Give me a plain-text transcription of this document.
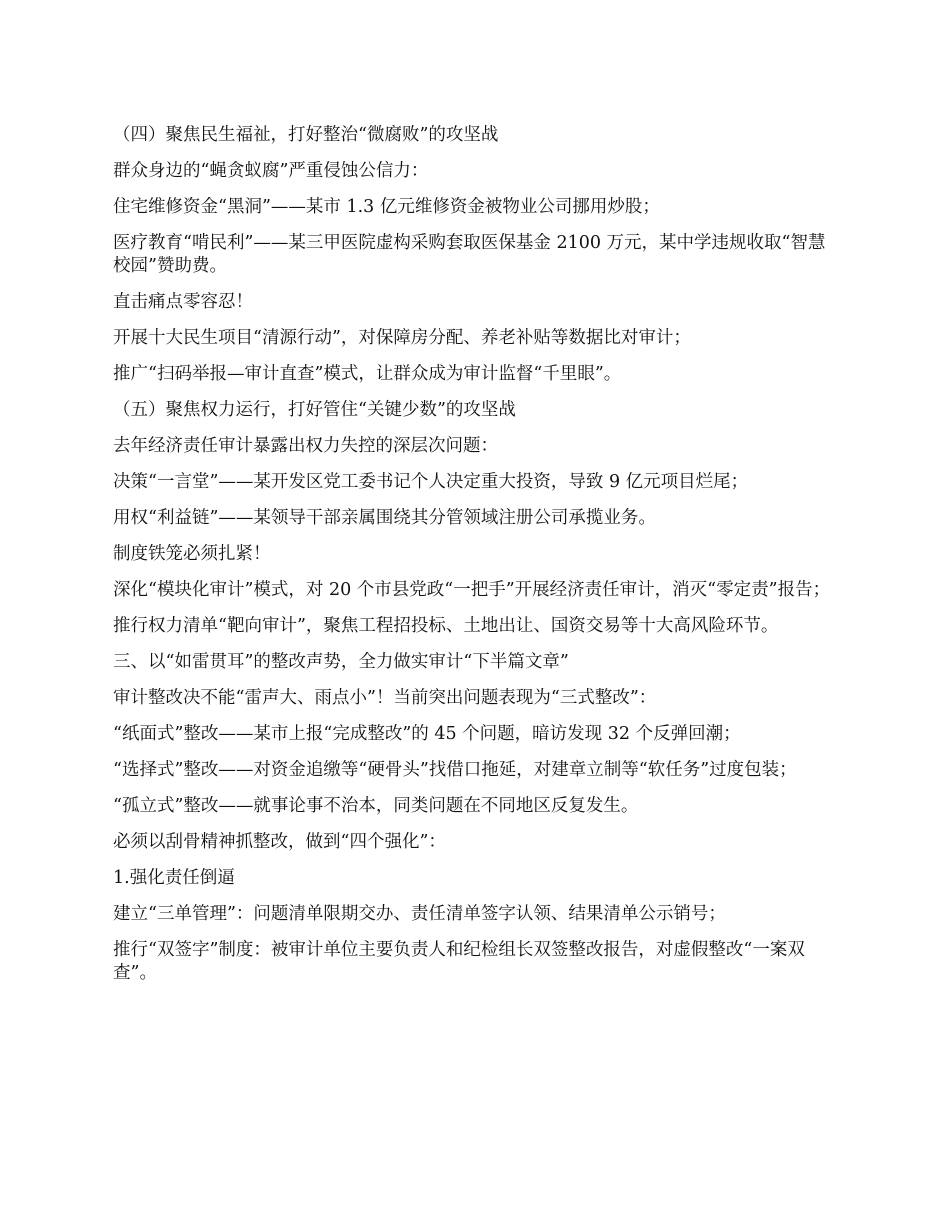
（四）聚焦民生福祉，打好整治“微腐败”的攻坚战

群众身边的“蝇贪蚁腐”严重侵蚀公信力：

住宅维修资金“黑洞”——某市 1.3 亿元维修资金被物业公司挪用炒股；

医疗教育“啃民利”——某三甲医院虚构采购套取医保基金 2100 万元，某中学违规收取“智慧校园”赞助费。

直击痛点零容忍！

开展十大民生项目“清源行动”，对保障房分配、养老补贴等数据比对审计；

推广“扫码举报—审计直查”模式，让群众成为审计监督“千里眼”。

（五）聚焦权力运行，打好管住“关键少数”的攻坚战

去年经济责任审计暴露出权力失控的深层次问题：

决策“一言堂”——某开发区党工委书记个人决定重大投资，导致 9 亿元项目烂尾；

用权“利益链”——某领导干部亲属围绕其分管领域注册公司承揽业务。

制度铁笼必须扎紧！

深化“模块化审计”模式，对 20 个市县党政“一把手”开展经济责任审计，消灭“零定责”报告；

推行权力清单“靶向审计”，聚焦工程招投标、土地出让、国资交易等十大高风险环节。

三、以“如雷贯耳”的整改声势，全力做实审计“下半篇文章”

审计整改决不能“雷声大、雨点小”！当前突出问题表现为“三式整改”：

“纸面式”整改——某市上报“完成整改”的 45 个问题，暗访发现 32 个反弹回潮；

“选择式”整改——对资金追缴等“硬骨头”找借口拖延，对建章立制等“软任务”过度包装；

“孤立式”整改——就事论事不治本，同类问题在不同地区反复发生。

必须以刮骨精神抓整改，做到“四个强化”：

1.强化责任倒逼

建立“三单管理”：问题清单限期交办、责任清单签字认领、结果清单公示销号；

推行“双签字”制度：被审计单位主要负责人和纪检组长双签整改报告，对虚假整改“一案双查”。
